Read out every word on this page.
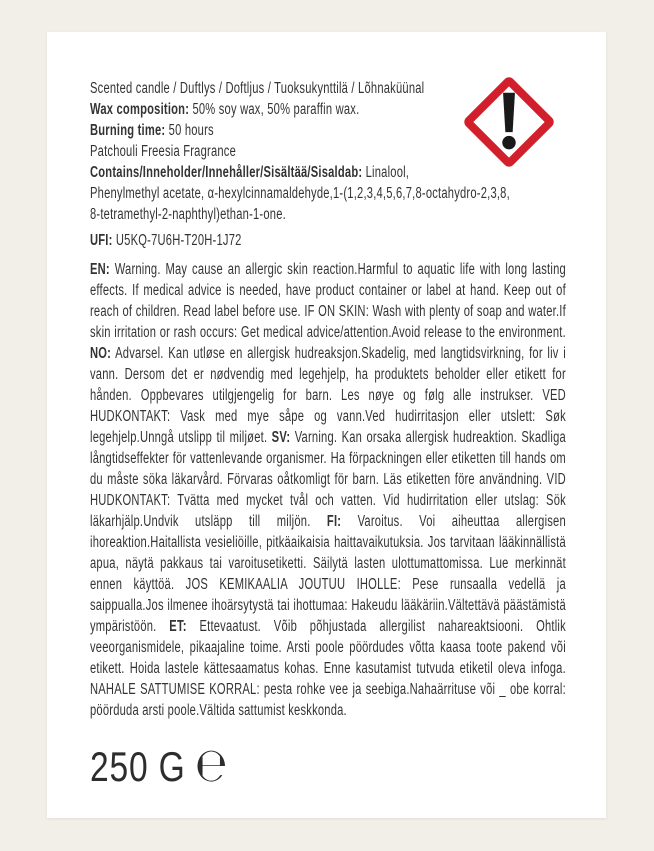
Scented candle / Duftlys / Doftljus / Tuoksukynttilä / Lõhnaküünal
Wax composition: 50% soy wax, 50% paraffin wax.
Burning time: 50 hours
Patchouli Freesia Fragrance
Contains/Inneholder/Innehåller/Sisältää/Sisaldab: Linalool,
Phenylmethyl acetate, α-hexylcinnamaldehyde,1-(1,2,3,4,5,6,7,8-octahydro-2,3,8,
8-tetramethyl-2-naphthyl)ethan-1-one.
UFI: U5KQ-7U6H-T20H-1J72
EN: Warning. May cause an allergic skin reaction.Harmful to aquatic life with long lasting effects. If medical advice is needed, have product container or label at hand. Keep out of reach of children. Read label before use. IF ON SKIN: Wash with plenty of soap and water.If skin irritation or rash occurs: Get medical advice/attention.Avoid release to the environment. NO: Advarsel. Kan utløse en allergisk hudreaksjon.Skadelig, med langtidsvirkning, for liv i vann. Dersom det er nødvendig med legehjelp, ha produktets beholder eller etikett for hånden. Oppbevares utilgjengelig for barn. Les nøye og følg alle instrukser. VED HUDKONTAKT: Vask med mye såpe og vann.Ved hudirritasjon eller utslett: Søk legehjelp.Unngå utslipp til miljøet. SV: Varning. Kan orsaka allergisk hudreaktion. Skadliga långtidseffekter för vattenlevande organismer. Ha förpackningen eller etiketten till hands om du måste söka läkarvård. Förvaras oåtkomligt för barn. Läs etiketten före användning. VID HUDKONTAKT: Tvätta med mycket tvål och vatten. Vid hudirritation eller utslag: Sök läkarhjälp.Undvik utsläpp till miljön. FI: Varoitus. Voi aiheuttaa allergisen ihoreaktion.Haitallista vesieliöille, pitkäaikaisia haittavaikutuksia. Jos tarvitaan lääkinnällistä apua, näytä pakkaus tai varoitusetiketti. Säilytä lasten ulottumattomissa. Lue merkinnät ennen käyttöä. JOS KEMIKAALIA JOUTUU IHOLLE: Pese runsaalla vedellä ja saippualla.Jos ilmenee ihoärsytystä tai ihottumaa: Hakeudu lääkäriin.Vältettävä päästämistä ympäristöön. ET: Ettevaatust. Võib põhjustada allergilist nahareaktsiooni. Ohtlik veeorganismidele, pikaajaline toime. Arsti poole pöördudes võtta kaasa toote pakend või etikett. Hoida lastele kättesaamatus kohas. Enne kasutamist tutvuda etiketil oleva infoga. NAHALE SATTUMISE KORRAL: pesta rohke vee ja seebiga.Nahaärrituse või _ obe korral: pöörduda arsti poole.Vältida sattumist keskkonda.
250 G ℮
